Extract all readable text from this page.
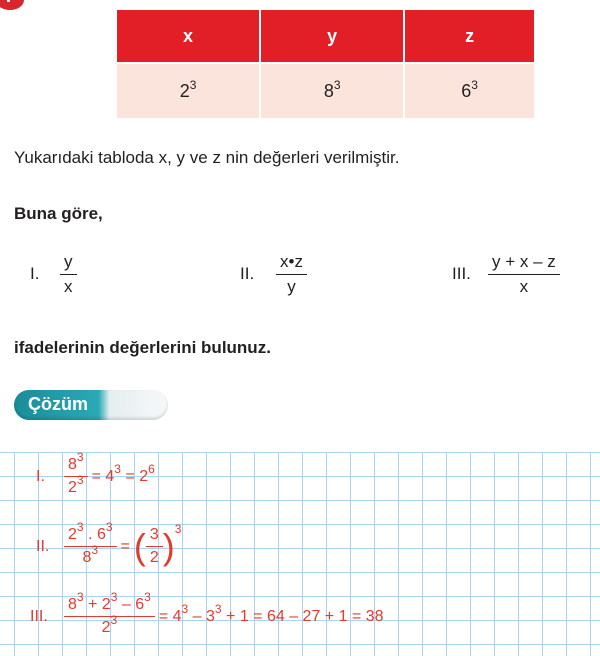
x	y	z
$2^3$	$8^3$	$6^3$
Yukarıdaki tabloda x, y ve z nin değerleri verilmiştir.
Buna göre,
I.	$\frac{y}{x}$	II.	$\frac{x•z}{y}$	III.	$\frac{y + x - z}{x}$
ifadelerinin değerlerini bulunuz.
Çözüm
I.	$\frac{8^3}{2^3} = 4^3 = 2^6$
II. $\frac{2^3 . 6^3}{8^3}$ = ( $\frac{3}{2} )^3$
III.	$\frac{8^3 + 2^3 - 6^3}{2^3} = 4^3 - 3^3 + 1 = 64 - 27 + 1 = 38$
